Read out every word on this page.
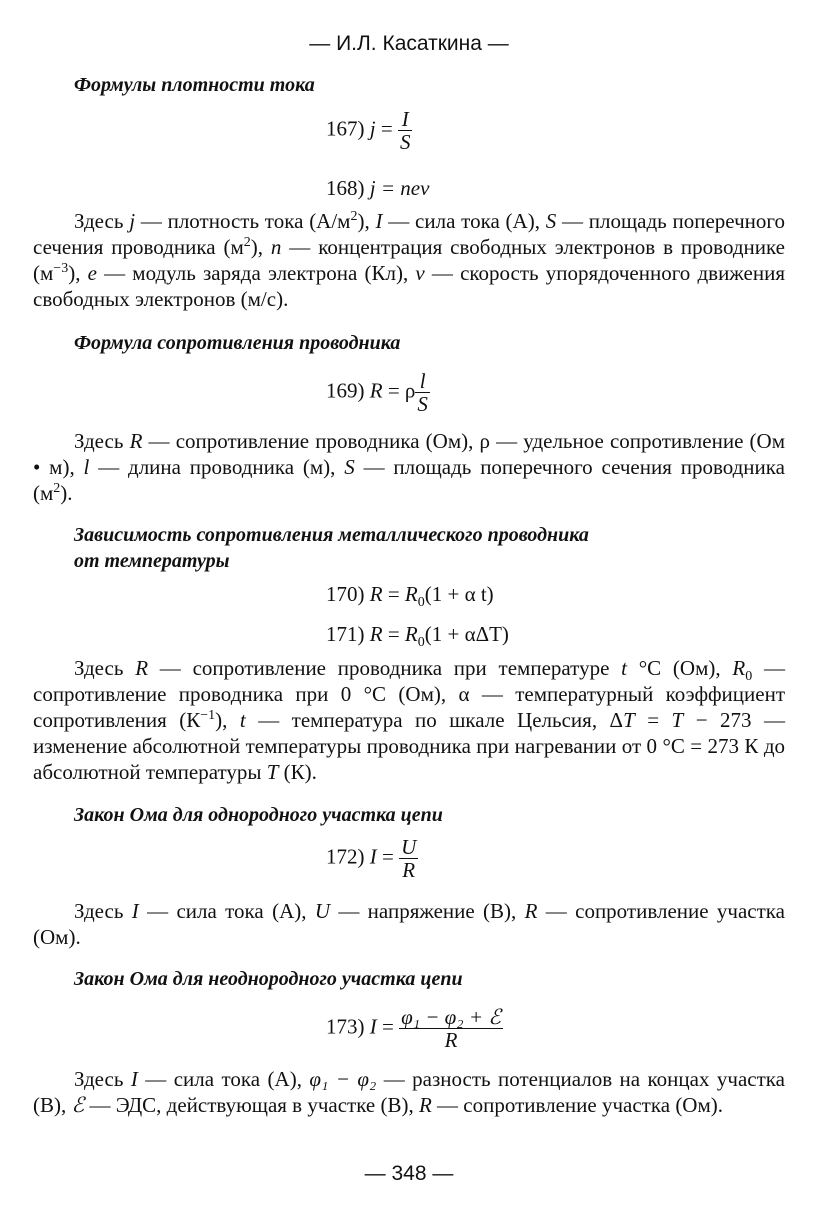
— И.Л. Касаткина —
Формулы плотности тока
167) $j = \frac{I}{S}$
168) j = nev
Здесь j — плотность тока $(А/м^2)$, I — сила тока (А), S — площадь поперечного сечения проводника $(м^2)$, n — концентрация свободных электронов в проводнике $(м^{-3})$, e — модуль заряда электрона (Кл), v — скорость упорядоченного движения свободных электронов (м/с).
Формула сопротивления проводника
169) R = ρ $\frac{l}{S}$
Здесь R — сопротивление проводника (Ом), ρ — удельное сопротивление (Ом • м), l — длина проводника (м), S — площадь поперечного сечения проводника $(м^2)$.
Зависимость сопротивления металлического проводника
от температуры
170) $R = R_0(1 + \alpha$ t)
171) $R = R_0(1 + \alpha\Delta T)$
Здесь R — сопротивление проводника при температуре t °C (Ом), $R_0$ — сопротивление проводника при 0 °C (Ом), α — температурный коэффициент сопротивления $(К^{-1})$, t — температура по шкале Цельсия, ΔT = T − 273 — изменение абсолютной температуры проводника при нагревании от 0 °C = 273 К до абсолютной температуры T (К).
Закон Ома для однородного участка цепи
172) $I = \frac{U}{R}$
Здесь I — сила тока (А), U — напряжение (В), R — сопротивление участка (Ом).
Закон Ома для неоднородного участка цепи
173) $I = \frac{\text{φ₁ − φ₂ + ℰ}}{R}$
Здесь I — сила тока (А), φ₁ − φ₂ — разность потенциалов на концах участка (В), ℰ — ЭДС, действующая в участке (В), R — сопротивление участка (Ом).
— 348 —
